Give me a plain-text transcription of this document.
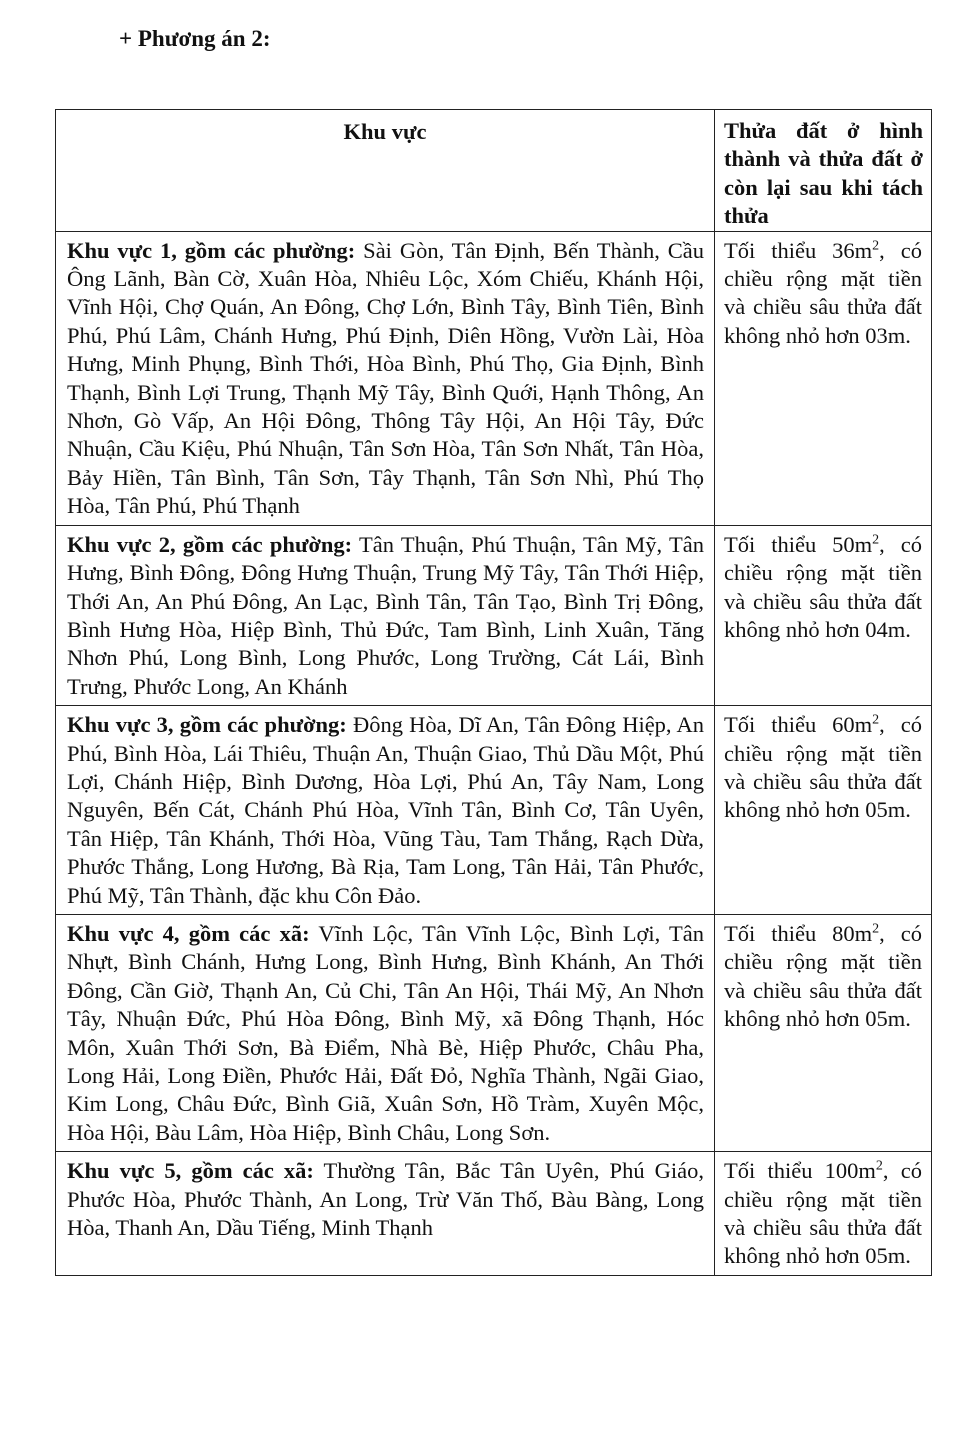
+ Phương án 2:
Khu vực	Thửa đất ở hình thành và thửa đất ở còn lại sau khi tách thửa
Khu vực 1, gồm các phường: Sài Gòn, Tân Định, Bến Thành, Cầu Ông Lãnh, Bàn Cờ, Xuân Hòa, Nhiêu Lộc, Xóm Chiếu, Khánh Hội, Vĩnh Hội, Chợ Quán, An Đông, Chợ Lớn, Bình Tây, Bình Tiên, Bình Phú, Phú Lâm, Chánh Hưng, Phú Định, Diên Hồng, Vườn Lài, Hòa Hưng, Minh Phụng, Bình Thới, Hòa Bình, Phú Thọ, Gia Định, Bình Thạnh, Bình Lợi Trung, Thạnh Mỹ Tây, Bình Quới, Hạnh Thông, An Nhơn, Gò Vấp, An Hội Đông, Thông Tây Hội, An Hội Tây, Đức Nhuận, Cầu Kiệu, Phú Nhuận, Tân Sơn Hòa, Tân Sơn Nhất, Tân Hòa, Bảy Hiền, Tân Bình, Tân Sơn, Tây Thạnh, Tân Sơn Nhì, Phú Thọ Hòa, Tân Phú, Phú Thạnh	Tối thiểu $36m^2$, có chiều rộng mặt tiền và chiều sâu thửa đất không nhỏ hơn 03m.
Khu vực 2, gồm các phường: Tân Thuận, Phú Thuận, Tân Mỹ, Tân Hưng, Bình Đông, Đông Hưng Thuận, Trung Mỹ Tây, Tân Thới Hiệp, Thới An, An Phú Đông, An Lạc, Bình Tân, Tân Tạo, Bình Trị Đông, Bình Hưng Hòa, Hiệp Bình, Thủ Đức, Tam Bình, Linh Xuân, Tăng Nhơn Phú, Long Bình, Long Phước, Long Trường, Cát Lái, Bình Trưng, Phước Long, An Khánh	Tối thiểu $50m^2$, có chiều rộng mặt tiền và chiều sâu thửa đất không nhỏ hơn 04m.
Khu vực 3, gồm các phường: Đông Hòa, Dĩ An, Tân Đông Hiệp, An Phú, Bình Hòa, Lái Thiêu, Thuận An, Thuận Giao, Thủ Dầu Một, Phú Lợi, Chánh Hiệp, Bình Dương, Hòa Lợi, Phú An, Tây Nam, Long Nguyên, Bến Cát, Chánh Phú Hòa, Vĩnh Tân, Bình Cơ, Tân Uyên, Tân Hiệp, Tân Khánh, Thới Hòa, Vũng Tàu, Tam Thắng, Rạch Dừa, Phước Thắng, Long Hương, Bà Rịa, Tam Long, Tân Hải, Tân Phước, Phú Mỹ, Tân Thành, đặc khu Côn Đảo.	Tối thiểu $60m^2$, có chiều rộng mặt tiền và chiều sâu thửa đất không nhỏ hơn 05m.
Khu vực 4, gồm các xã: Vĩnh Lộc, Tân Vĩnh Lộc, Bình Lợi, Tân Nhựt, Bình Chánh, Hưng Long, Bình Hưng, Bình Khánh, An Thới Đông, Cần Giờ, Thạnh An, Củ Chi, Tân An Hội, Thái Mỹ, An Nhơn Tây, Nhuận Đức, Phú Hòa Đông, Bình Mỹ, xã Đông Thạnh, Hóc Môn, Xuân Thới Sơn, Bà Điểm, Nhà Bè, Hiệp Phước, Châu Pha, Long Hải, Long Điền, Phước Hải, Đất Đỏ, Nghĩa Thành, Ngãi Giao, Kim Long, Châu Đức, Bình Giã, Xuân Sơn, Hồ Tràm, Xuyên Mộc, Hòa Hội, Bàu Lâm, Hòa Hiệp, Bình Châu, Long Sơn.	Tối thiểu $80m^2$, có chiều rộng mặt tiền và chiều sâu thửa đất không nhỏ hơn 05m.
Khu vực 5, gồm các xã: Thường Tân, Bắc Tân Uyên, Phú Giáo, Phước Hòa, Phước Thành, An Long, Trừ Văn Thố, Bàu Bàng, Long Hòa, Thanh An, Dầu Tiếng, Minh Thạnh	Tối thiểu $100m^2$, có chiều rộng mặt tiền và chiều sâu thửa đất không nhỏ hơn 05m.
